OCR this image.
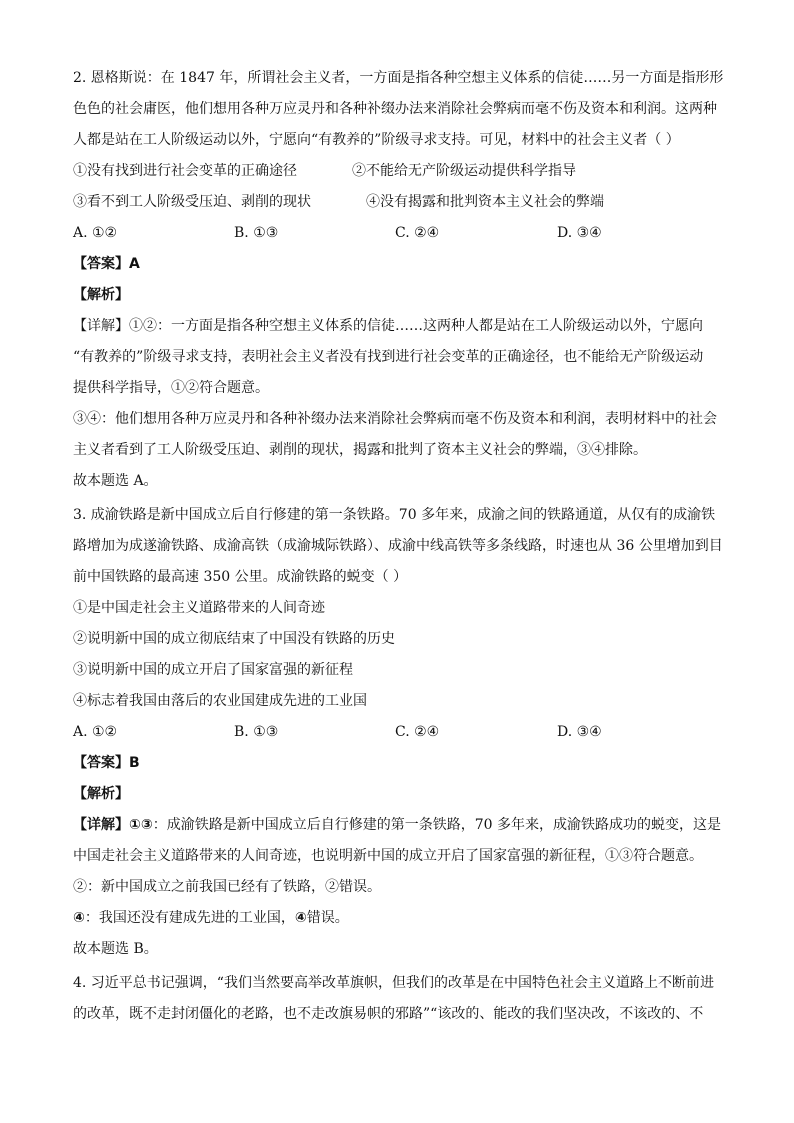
2. 恩格斯说：在 1847 年，所谓社会主义者，一方面是指各种空想主义体系的信徒……另一方面是指形形
色色的社会庸医，他们想用各种万应灵丹和各种补缀办法来消除社会弊病而毫不伤及资本和利润。这两种
人都是站在工人阶级运动以外，宁愿向“有教养的”阶级寻求支持。可见，材料中的社会主义者（ ）
①没有找到进行社会变革的正确途径	②不能给无产阶级运动提供科学指导
③看不到工人阶级受压迫、剥削的现状	④没有揭露和批判资本主义社会的弊端
A. ①②	B. ①③	C. ②④	D. ③④
【答案】A
【解析】
【详解】①②：一方面是指各种空想主义体系的信徒……这两种人都是站在工人阶级运动以外，宁愿向
“有教养的”阶级寻求支持，表明社会主义者没有找到进行社会变革的正确途径，也不能给无产阶级运动
提供科学指导，①②符合题意。
③④：他们想用各种万应灵丹和各种补缀办法来消除社会弊病而毫不伤及资本和利润，表明材料中的社会
主义者看到了工人阶级受压迫、剥削的现状，揭露和批判了资本主义社会的弊端，③④排除。
故本题选 A。
3. 成渝铁路是新中国成立后自行修建的第一条铁路。70 多年来，成渝之间的铁路通道，从仅有的成渝铁
路增加为成遂渝铁路、成渝高铁（成渝城际铁路）、成渝中线高铁等多条线路，时速也从 36 公里增加到目
前中国铁路的最高速 350 公里。成渝铁路的蜕变（ ）
①是中国走社会主义道路带来的人间奇迹
②说明新中国的成立彻底结束了中国没有铁路的历史
③说明新中国的成立开启了国家富强的新征程
④标志着我国由落后的农业国建成先进的工业国
A. ①②	B. ①③	C. ②④	D. ③④
【答案】B
【解析】
【详解】①③：成渝铁路是新中国成立后自行修建的第一条铁路，70 多年来，成渝铁路成功的蜕变，这是
中国走社会主义道路带来的人间奇迹，也说明新中国的成立开启了国家富强的新征程，①③符合题意。
②：新中国成立之前我国已经有了铁路，②错误。
④：我国还没有建成先进的工业国，④错误。
故本题选 B。
4. 习近平总书记强调，“我们当然要高举改革旗帜，但我们的改革是在中国特色社会主义道路上不断前进
的改革，既不走封闭僵化的老路，也不走改旗易帜的邪路”“该改的、能改的我们坚决改，不该改的、不
